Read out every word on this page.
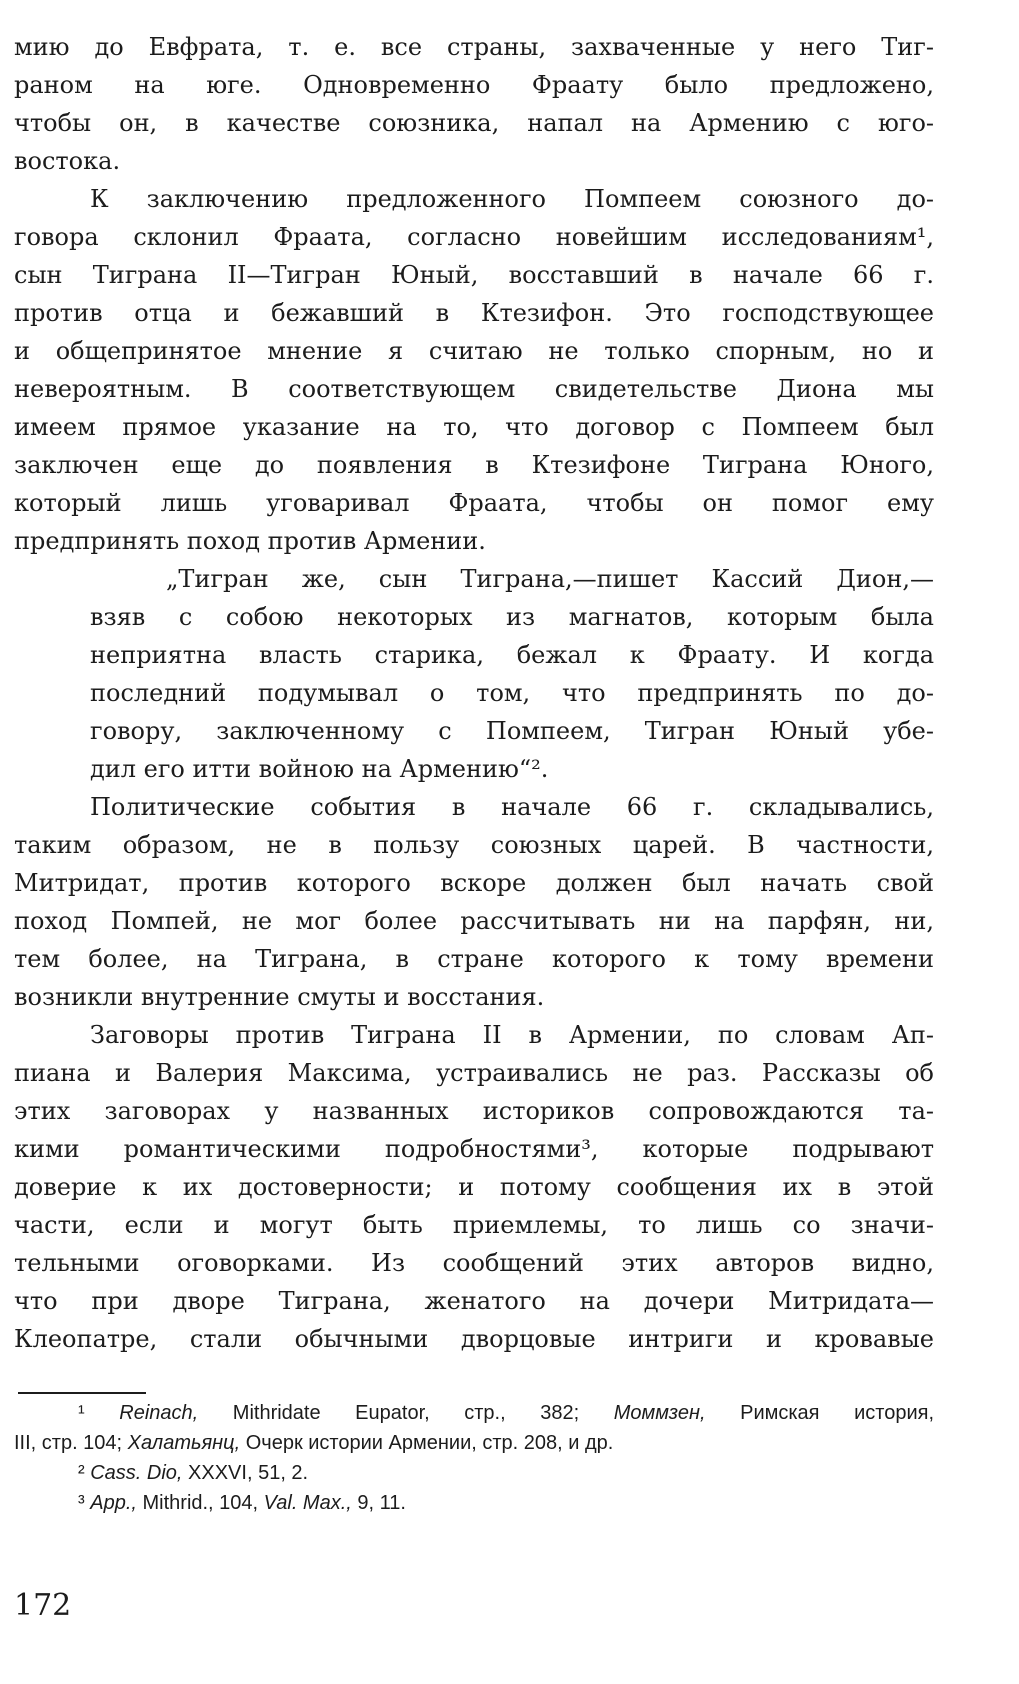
мию до Евфрата, т. е. все страны, захваченные у него Тиг-
раном на юге. Одновременно Фраату было предложено,
чтобы он, в качестве союзника, напал на Армению с юго-
востока.
К заключению предложенного Помпеем союзного до-
говора склонил Фраата, согласно новейшим исследованиям¹,
сын Тиграна II—Тигран Юный, восставший в начале 66 г.
против отца и бежавший в Ктезифон. Это господствующее
и общепринятое мнение я считаю не только спорным, но и
невероятным. В соответствующем свидетельстве Диона мы
имеем прямое указание на то, что договор с Помпеем был
заключен еще до появления в Ктезифоне Тиграна Юного,
который лишь уговаривал Фраата, чтобы он помог ему
предпринять поход против Армении.
„Тигран же, сын Тиграна,—пишет Кассий Дион,—
взяв с собою некоторых из магнатов, которым была
неприятна власть старика, бежал к Фраату. И когда
последний подумывал о том, что предпринять по до-
говору, заключенному с Помпеем, Тигран Юный убе-
дил его итти войною на Армению“².
Политические события в начале 66 г. складывались,
таким образом, не в пользу союзных царей. В частности,
Митридат, против которого вскоре должен был начать свой
поход Помпей, не мог более рассчитывать ни на парфян, ни,
тем более, на Тиграна, в стране которого к тому времени
возникли внутренние смуты и восстания.
Заговоры против Тиграна II в Армении, по словам Ап-
пиана и Валерия Максима, устраивались не раз. Рассказы об
этих заговорах у названных историков сопровождаются та-
кими романтическими подробностями³, которые подрывают
доверие к их достоверности; и потому сообщения их в этой
части, если и могут быть приемлемы, то лишь со значи-
тельными оговорками. Из сообщений этих авторов видно,
что при дворе Тиграна, женатого на дочери Митридата—
Клеопатре, стали обычными дворцовые интриги и кровавые
¹ Reinach, Mithridate Eupator, стр., 382; Моммзен, Римская история,
III, стр. 104; Халатьянц, Очерк истории Армении, стр. 208, и др.
² Cass. Dio, XXXVI, 51, 2.
³ App., Mithrid., 104, Val. Max., 9, 11.
172
